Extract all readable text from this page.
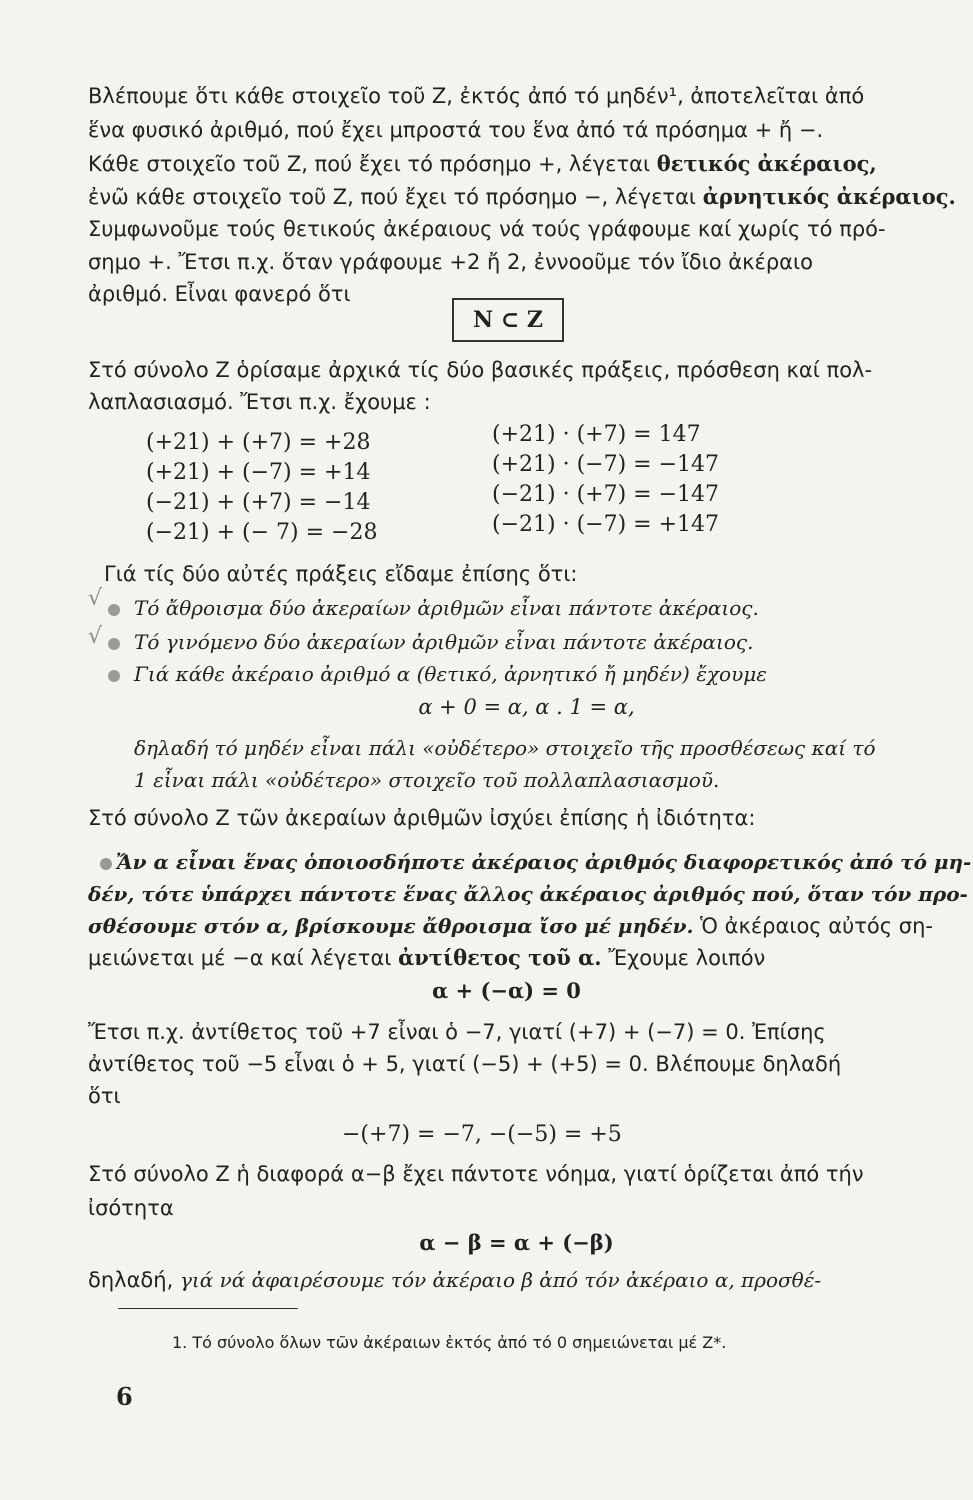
Βλέπουμε ὅτι κάθε στοιχεῖο τοῦ Z, ἐκτός ἀπό τό μηδέν¹, ἀποτελεῖται ἀπό
ἕνα φυσικό ἀριθμό, πού ἔχει μπροστά του ἕνα ἀπό τά πρόσημα + ἤ −.
Κάθε στοιχεῖο τοῦ Z, πού ἔχει τό πρόσημο +, λέγεται θετικός ἀκέραιος,
ἐνῶ κάθε στοιχεῖο τοῦ Z, πού ἔχει τό πρόσημο −, λέγεται ἀρνητικός ἀκέραιος.
Συμφωνοῦμε τούς θετικούς ἀκέραιους νά τούς γράφουμε καί χωρίς τό πρό-
σημο +. Ἔτσι π.χ. ὅταν γράφουμε +2 ἤ 2, ἐννοοῦμε τόν ἴδιο ἀκέραιο
ἀριθμό. Εἶναι φανερό ὅτι
N ⊂ Z
Στό σύνολο Z ὁρίσαμε ἀρχικά τίς δύο βασικές πράξεις, πρόσθεση καί πολ-
λαπλασιασμό. Ἔτσι π.χ. ἔχουμε :
(+21) + (+7) = +28
(+21) + (−7) = +14
(−21) + (+7) = −14
(−21) + (− 7) = −28
(+21) · (+7) = 147
(+21) · (−7) = −147
(−21) · (+7) = −147
(−21) · (−7) = +147
Γιά τίς δύο αὐτές πράξεις εἴδαμε ἐπίσης ὅτι:
√ Τό ἄθροισμα δύο ἀκεραίων ἀριθμῶν εἶναι πάντοτε ἀκέραιος.
√ Τό γινόμενο δύο ἀκεραίων ἀριθμῶν εἶναι πάντοτε ἀκέραιος.
Γιά κάθε ἀκέραιο ἀριθμό α (θετικό, ἀρνητικό ἤ μηδέν) ἔχουμε
α + 0 = α, α . 1 = α,
δηλαδή τό μηδέν εἶναι πάλι «οὐδέτερο» στοιχεῖο τῆς προσθέσεως καί τό
1 εἶναι πάλι «οὐδέτερο» στοιχεῖο τοῦ πολλαπλασιασμοῦ.
Στό σύνολο Z τῶν ἀκεραίων ἀριθμῶν ἰσχύει ἐπίσης ἡ ἰδιότητα:
Ἄν α εἶναι ἕνας ὁποιοσδήποτε ἀκέραιος ἀριθμός διαφορετικός ἀπό τό μη-
δέν, τότε ὑπάρχει πάντοτε ἕνας ἄλλος ἀκέραιος ἀριθμός πού, ὅταν τόν προ-
σθέσουμε στόν α, βρίσκουμε ἄθροισμα ἴσο μέ μηδέν. Ὁ ἀκέραιος αὐτός ση-
μειώνεται μέ −α καί λέγεται ἀντίθετος τοῦ α. Ἔχουμε λοιπόν
α + (−α) = 0
Ἔτσι π.χ. ἀντίθετος τοῦ +7 εἶναι ὁ −7, γιατί (+7) + (−7) = 0. Ἐπίσης
ἀντίθετος τοῦ −5 εἶναι ὁ + 5, γιατί (−5) + (+5) = 0. Βλέπουμε δηλαδή
ὅτι
−(+7) = −7, −(−5) = +5
Στό σύνολο Z ἡ διαφορά α−β ἔχει πάντοτε νόημα, γιατί ὁρίζεται ἀπό τήν
ἰσότητα
α − β = α + (−β)
δηλαδή, γιά νά ἀφαιρέσουμε τόν ἀκέραιο β ἀπό τόν ἀκέραιο α, προσθέ-
1. Τό σύνολο ὅλων τῶν ἀκέραιων ἐκτός ἀπό τό 0 σημειώνεται μέ Z*.
6
